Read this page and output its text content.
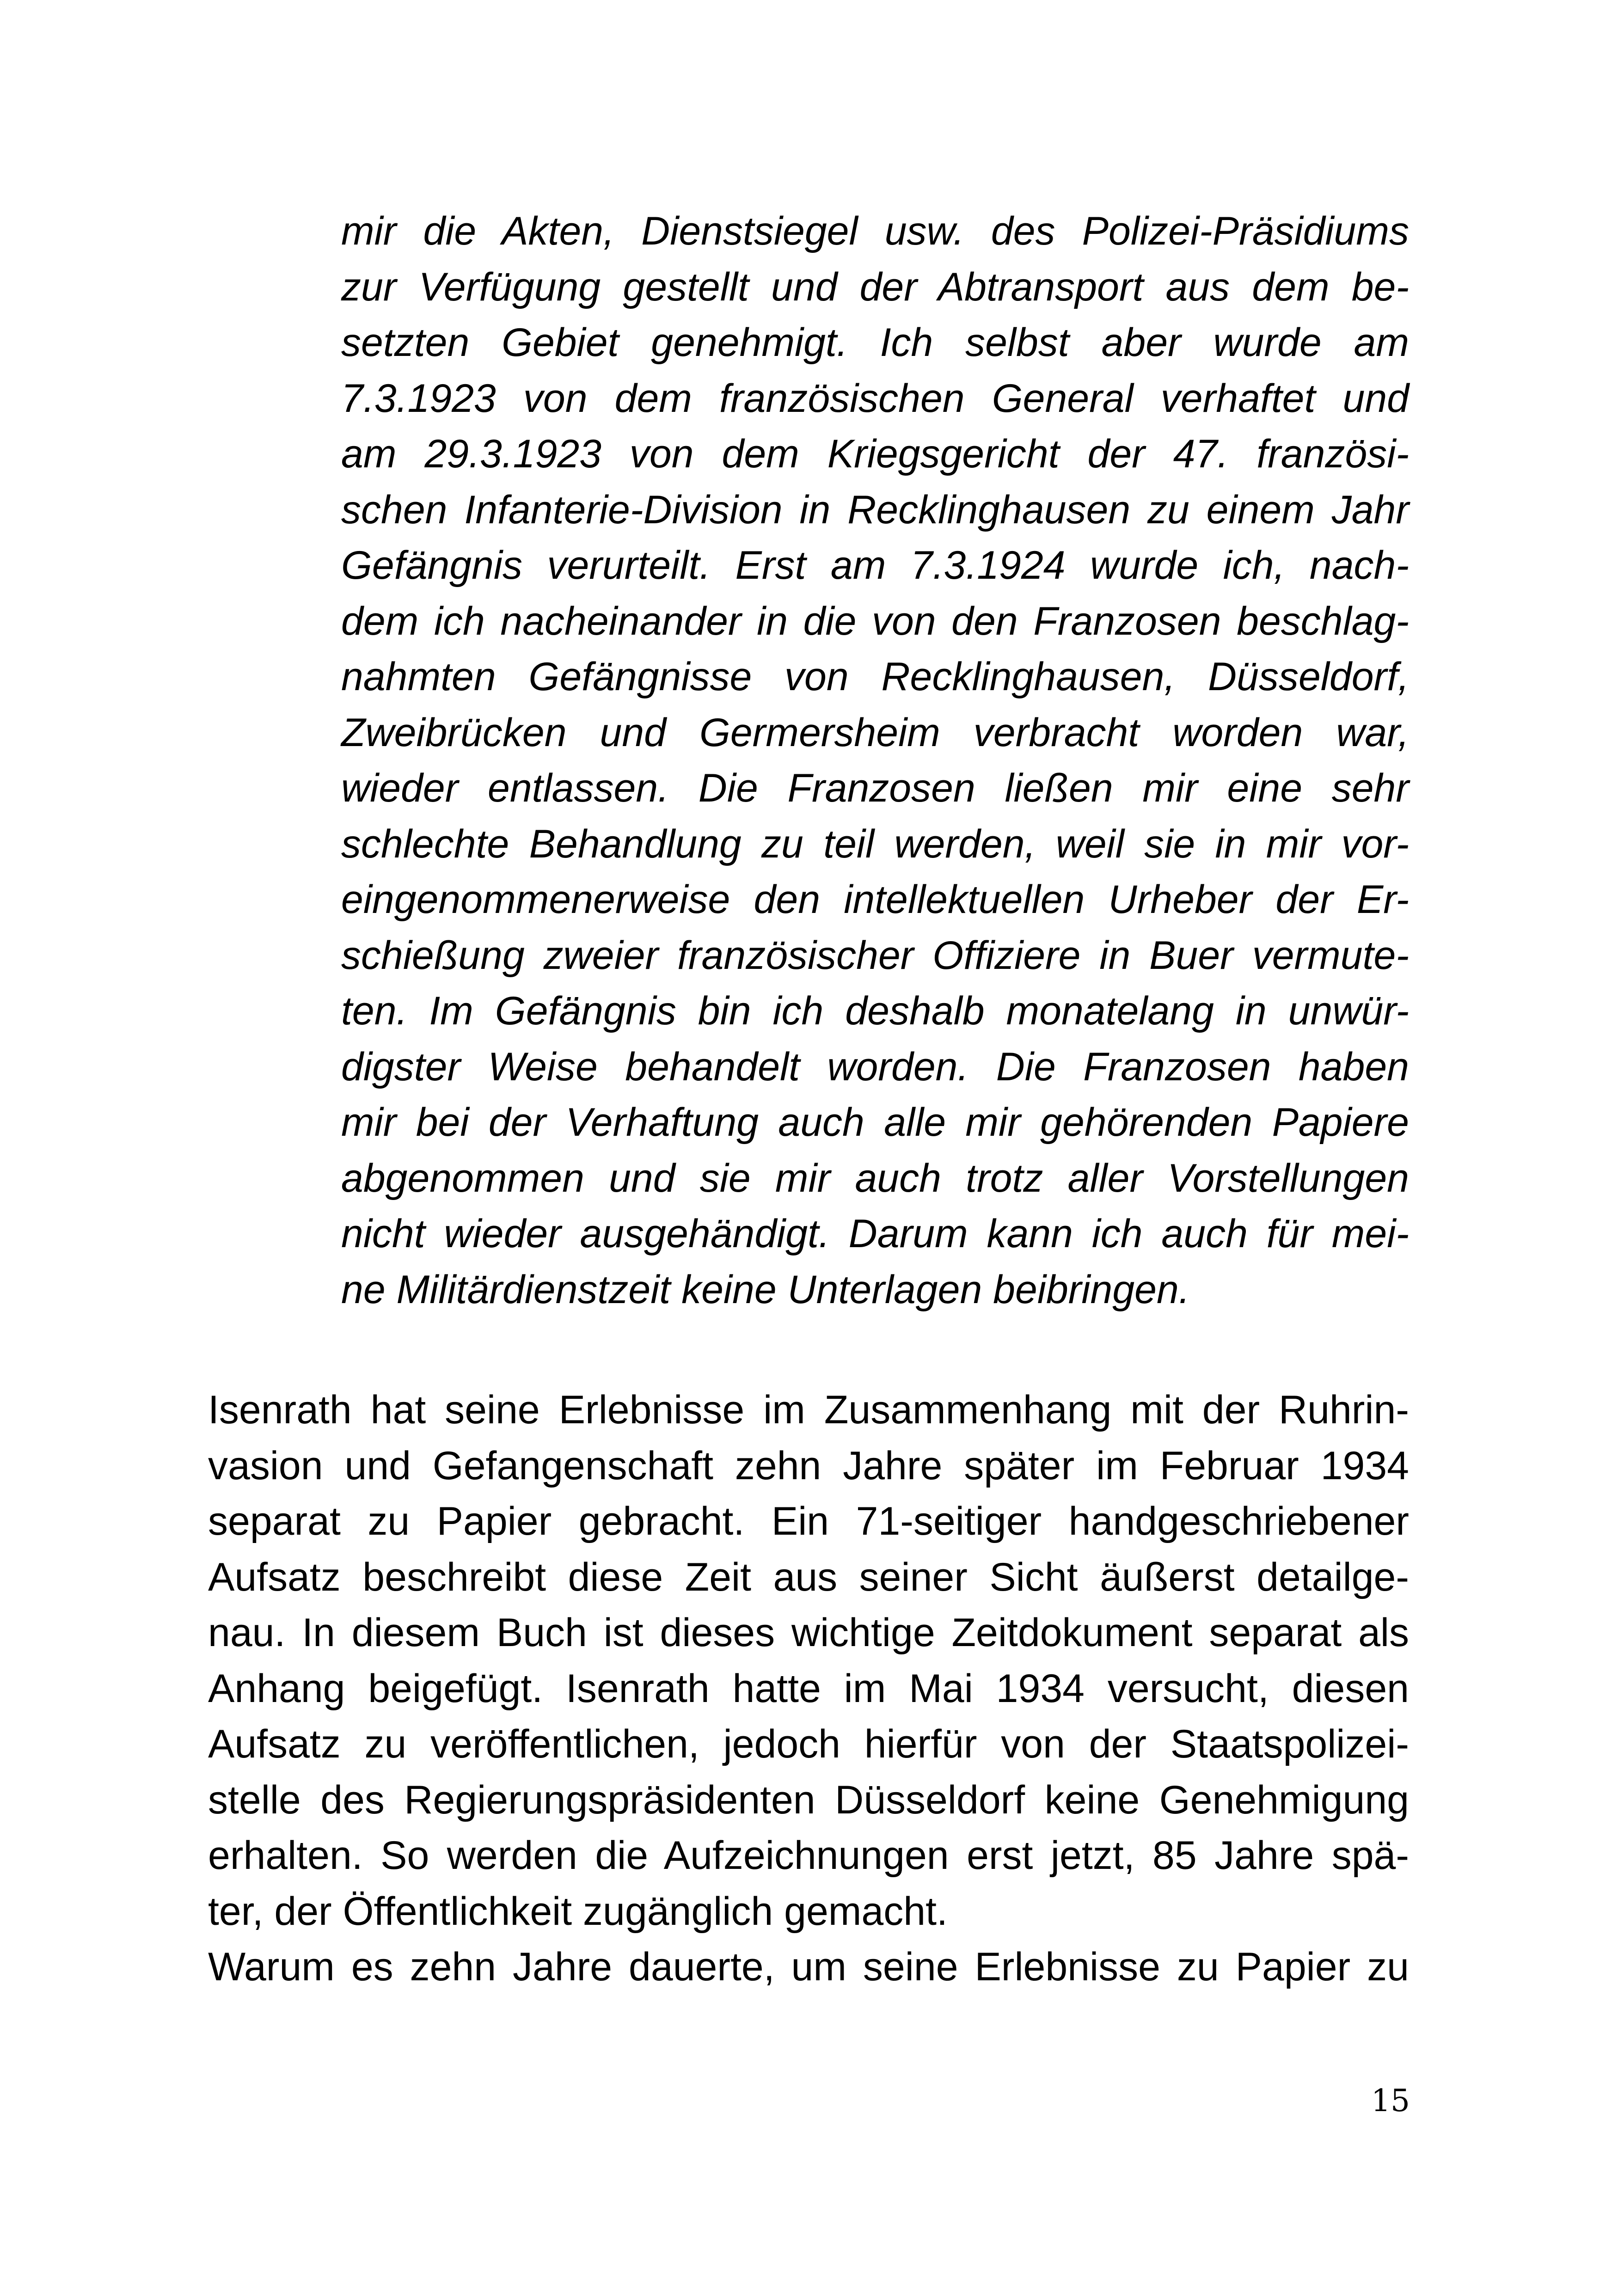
mir die Akten, Dienstsiegel usw. des Polizei-Präsidiums
zur Verfügung gestellt und der Abtransport aus dem be-
setzten Gebiet genehmigt. Ich selbst aber wurde am
7.3.1923 von dem französischen General verhaftet und
am 29.3.1923 von dem Kriegsgericht der 47. französi-
schen Infanterie-Division in Recklinghausen zu einem Jahr
Gefängnis verurteilt. Erst am 7.3.1924 wurde ich, nach-
dem ich nacheinander in die von den Franzosen beschlag-
nahmten Gefängnisse von Recklinghausen, Düsseldorf,
Zweibrücken und Germersheim verbracht worden war,
wieder entlassen. Die Franzosen ließen mir eine sehr
schlechte Behandlung zu teil werden, weil sie in mir vor-
eingenommenerweise den intellektuellen Urheber der Er-
schießung zweier französischer Offiziere in Buer vermute-
ten. Im Gefängnis bin ich deshalb monatelang in unwür-
digster Weise behandelt worden. Die Franzosen haben
mir bei der Verhaftung auch alle mir gehörenden Papiere
abgenommen und sie mir auch trotz aller Vorstellungen
nicht wieder ausgehändigt. Darum kann ich auch für mei-
ne Militärdienstzeit keine Unterlagen beibringen.
Isenrath hat seine Erlebnisse im Zusammenhang mit der Ruhrin-
vasion und Gefangenschaft zehn Jahre später im Februar 1934
separat zu Papier gebracht. Ein 71-seitiger handgeschriebener
Aufsatz beschreibt diese Zeit aus seiner Sicht äußerst detailge-
nau. In diesem Buch ist dieses wichtige Zeitdokument separat als
Anhang beigefügt. Isenrath hatte im Mai 1934 versucht, diesen
Aufsatz zu veröffentlichen, jedoch hierfür von der Staatspolizei-
stelle des Regierungspräsidenten Düsseldorf keine Genehmigung
erhalten. So werden die Aufzeichnungen erst jetzt, 85 Jahre spä-
ter, der Öffentlichkeit zugänglich gemacht.
Warum es zehn Jahre dauerte, um seine Erlebnisse zu Papier zu
15
